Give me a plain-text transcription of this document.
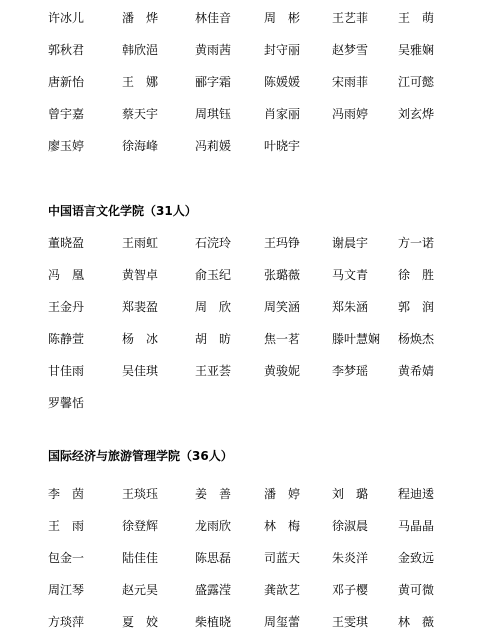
许冰儿	潘　烨	林佳音	周　彬	王艺菲 王　萌
郭秋君	韩欣浥	黄雨茜	封守丽	赵梦雪 吴雅娴
唐新怡	王　娜	郦字霜	陈媛媛	宋雨菲 江可懿
曾宇嘉	蔡天宇	周琪钰	肖家丽	冯雨婷 刘玄烨
廖玉婷	徐海峰	冯莉媛	叶晓宇
中国语言文化学院（31人）
董晓盈	王雨虹	石浣玲	王玛铮	谢晨宇 方一诺
冯　凰	黄智卓	俞玉纪	张璐薇	马文青 徐　胜
王金丹	郑裴盈	周　欣	周笑涵	郑朱涵 郭　润
陈静萱	杨　冰	胡　昉	焦一茗	滕叶慧娴 杨焕杰
甘佳雨	吴佳琪	王亚荟	黄骏妮	李梦瑶 黄希婧
罗馨恬
国际经济与旅游管理学院（36人）
李　茵	王琰珏	姜　善	潘　婷	刘　璐 程迪逶
王　雨	徐登辉	龙雨欣	林　梅	徐淑晨 马晶晶
包金一	陆佳佳	陈思磊	司蓝天	朱炎洋 金致远
周江琴	赵元昊	盛露滢	龚歆艺	邓子樱 黄可微
方琰萍	夏　姣	柴植晓	周玺蕾	王雯琪 林　薇
